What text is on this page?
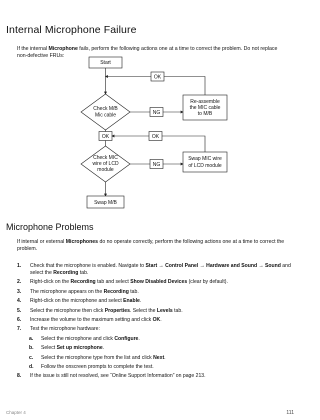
Internal Microphone Failure
If the internal Microphone fails, perform the following actions one at a time to correct the problem. Do not replace non-defective FRUs:
Start
OK
Check M/B
Mic cable	NG
Re-assemble
the MIC cable
to M/B
OK	OK
Check MIC
wire of LCD
module
NG
Swap MIC wire
of LCD module
Swap M/B
Microphone Problems
If internal or external Microphones do no operate correctly, perform the following actions one at a time to correct the problem.
1. Check that the microphone is enabled. Navigate to Start → Control Panel → Hardware and Sound → Sound and select the Recording tab.
2. Right-click on the Recording tab and select Show Disabled Devices (clear by default).
3. The microphone appears on the Recording tab.
4. Right-click on the microphone and select Enable.
5. Select the microphone then click Properties. Select the Levels tab.
6. Increase the volume to the maximum setting and click OK.
7. Test the microphone hardware:
a. Select the microphone and click Configure.
b. Select Set up microphone.
c. Select the microphone type from the list and click Next.
d. Follow the onscreen prompts to complete the test.
8. If the issue is still not resolved, see “Online Support Information” on page 213.
Chapter 4	111
